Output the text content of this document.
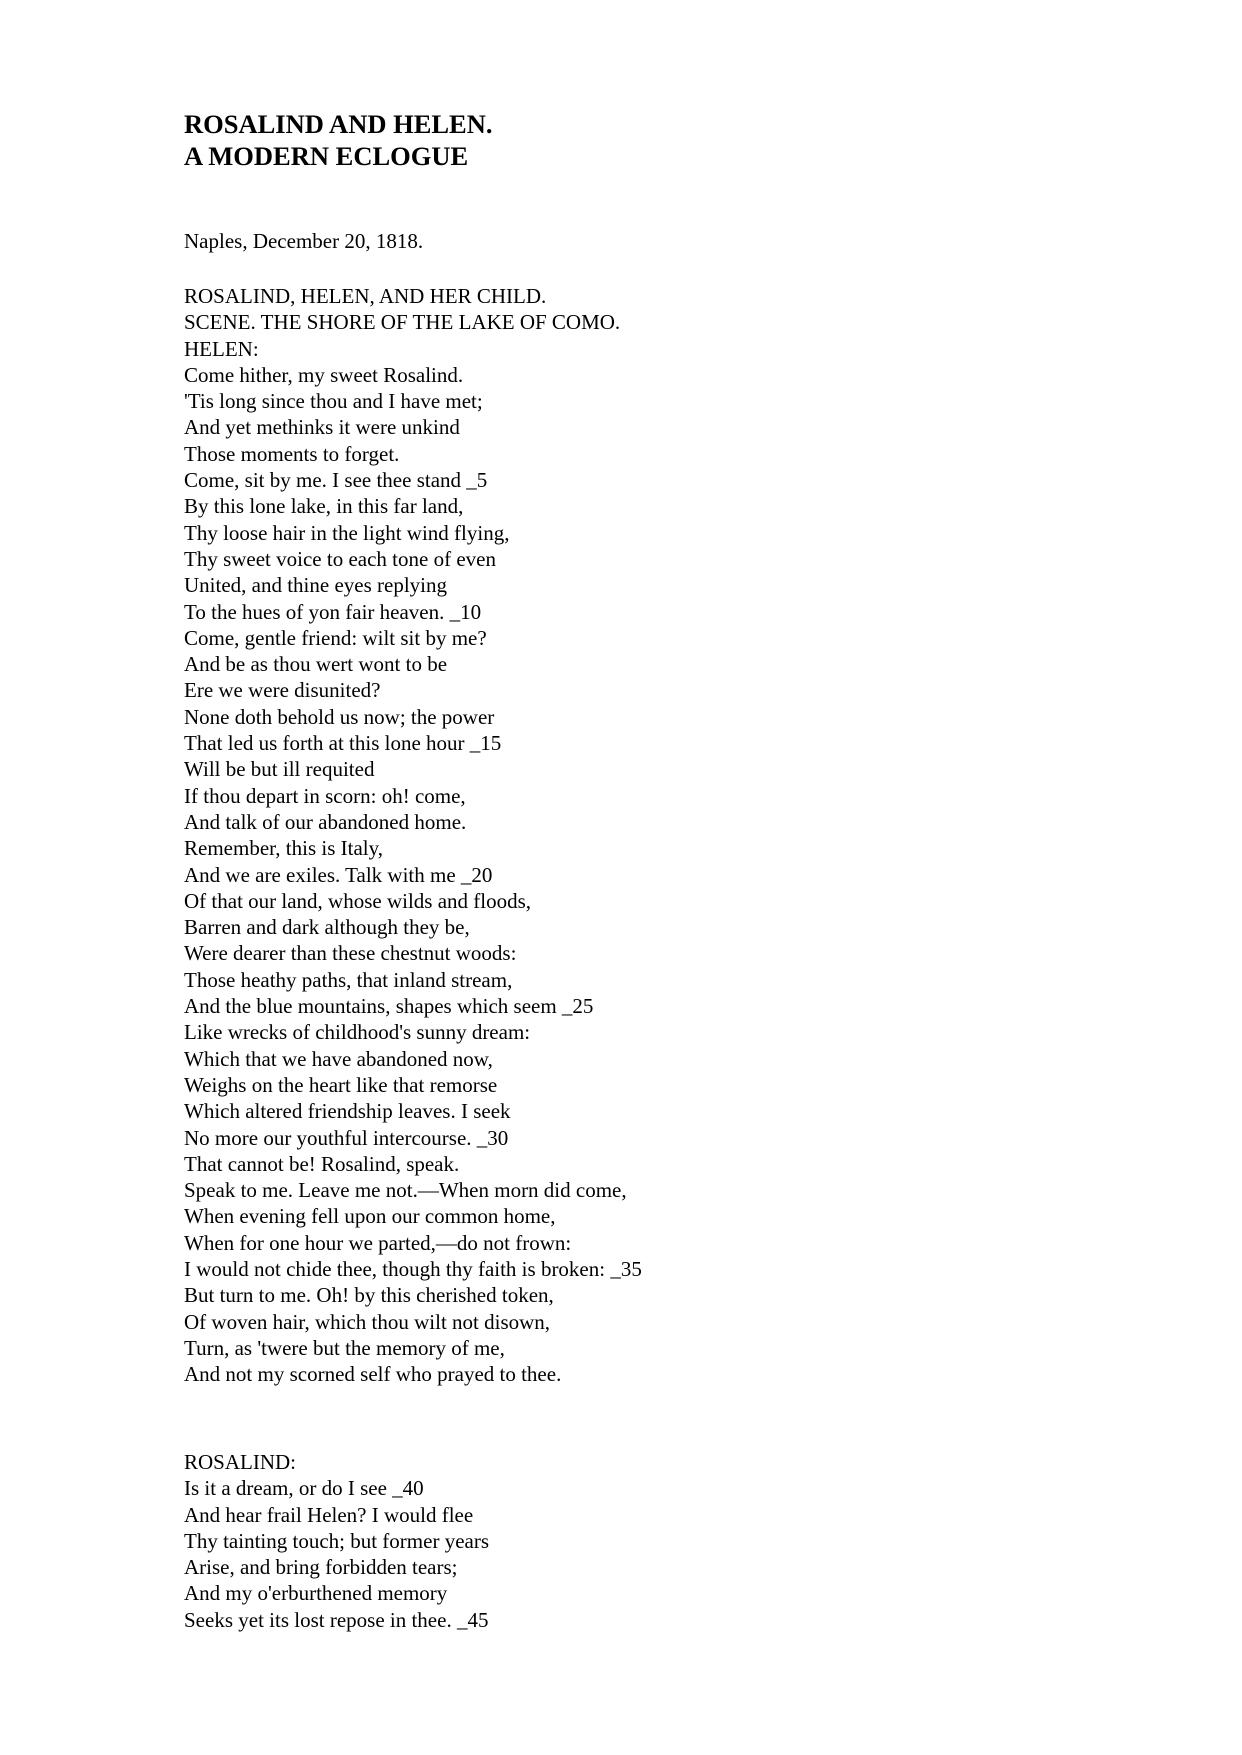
ROSALIND AND HELEN.
A MODERN ECLOGUE
Naples, December 20, 1818.
ROSALIND, HELEN, AND HER CHILD.
SCENE. THE SHORE OF THE LAKE OF COMO.
HELEN:
Come hither, my sweet Rosalind.
'Tis long since thou and I have met;
And yet methinks it were unkind
Those moments to forget.
Come, sit by me. I see thee stand _5
By this lone lake, in this far land,
Thy loose hair in the light wind flying,
Thy sweet voice to each tone of even
United, and thine eyes replying
To the hues of yon fair heaven. _10
Come, gentle friend: wilt sit by me?
And be as thou wert wont to be
Ere we were disunited?
None doth behold us now; the power
That led us forth at this lone hour _15
Will be but ill requited
If thou depart in scorn: oh! come,
And talk of our abandoned home.
Remember, this is Italy,
And we are exiles. Talk with me _20
Of that our land, whose wilds and floods,
Barren and dark although they be,
Were dearer than these chestnut woods:
Those heathy paths, that inland stream,
And the blue mountains, shapes which seem _25
Like wrecks of childhood's sunny dream:
Which that we have abandoned now,
Weighs on the heart like that remorse
Which altered friendship leaves. I seek
No more our youthful intercourse. _30
That cannot be! Rosalind, speak.
Speak to me. Leave me not.—When morn did come,
When evening fell upon our common home,
When for one hour we parted,—do not frown:
I would not chide thee, though thy faith is broken: _35
But turn to me. Oh! by this cherished token,
Of woven hair, which thou wilt not disown,
Turn, as 'twere but the memory of me,
And not my scorned self who prayed to thee.
ROSALIND:
Is it a dream, or do I see _40
And hear frail Helen? I would flee
Thy tainting touch; but former years
Arise, and bring forbidden tears;
And my o'erburthened memory
Seeks yet its lost repose in thee. _45
